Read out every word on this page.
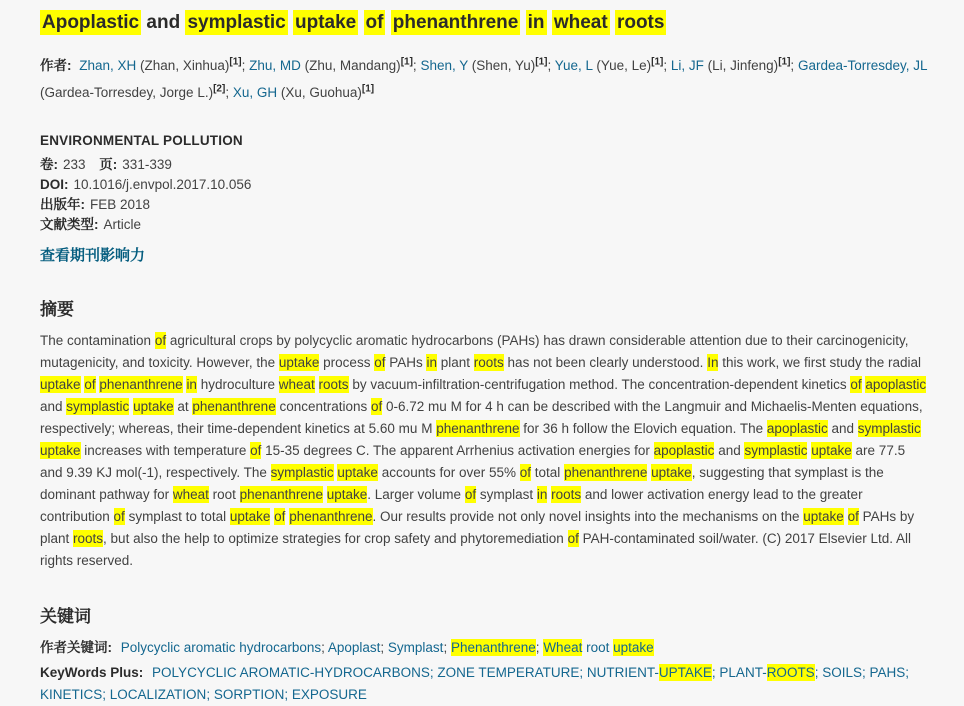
Apoplastic and symplastic uptake of phenanthrene in wheat roots

作者: Zhan, XH (Zhan, Xinhua)[1]; Zhu, MD (Zhu, Mandang)[1]; Shen, Y (Shen, Yu)[1]; Yue, L (Yue, Le)[1]; Li, JF (Li, Jinfeng)[1]; Gardea-Torresdey, JL (Gardea-Torresdey, Jorge L.)[2]; Xu, GH (Xu, Guohua)[1]

ENVIRONMENTAL POLLUTION
卷: 233 页: 331-339
DOI: 10.1016/j.envpol.2017.10.056
出版年: FEB 2018
文献类型: Article
查看期刊影响力
摘要

The contamination of agricultural crops by polycyclic aromatic hydrocarbons (PAHs) has drawn considerable attention due to their carcinogenicity, mutagenicity, and toxicity. However, the uptake process of PAHs in plant roots has not been clearly understood. In this work, we first study the radial uptake of phenanthrene in hydroculture wheat roots by vacuum-infiltration-centrifugation method. The concentration-dependent kinetics of apoplastic and symplastic uptake at phenanthrene concentrations of 0-6.72 mu M for 4 h can be described with the Langmuir and Michaelis-Menten equations, respectively; whereas, their time-dependent kinetics at 5.60 mu M phenanthrene for 36 h follow the Elovich equation. The apoplastic and symplastic uptake increases with temperature of 15-35 degrees C. The apparent Arrhenius activation energies for apoplastic and symplastic uptake are 77.5 and 9.39 KJ mol(-1), respectively. The symplastic uptake accounts for over 55% of total phenanthrene uptake, suggesting that symplast is the dominant pathway for wheat root phenanthrene uptake. Larger volume of symplast in roots and lower activation energy lead to the greater contribution of symplast to total uptake of phenanthrene. Our results provide not only novel insights into the mechanisms on the uptake of PAHs by plant roots, but also the help to optimize strategies for crop safety and phytoremediation of PAH-contaminated soil/water. (C) 2017 Elsevier Ltd. All rights reserved.

关键词

作者关键词: Polycyclic aromatic hydrocarbons; Apoplast; Symplast; Phenanthrene; Wheat root uptake

KeyWords Plus: POLYCYCLIC AROMATIC-HYDROCARBONS; ZONE TEMPERATURE; NUTRIENT-UPTAKE; PLANT-ROOTS; SOILS; PAHS; KINETICS; LOCALIZATION; SORPTION; EXPOSURE
